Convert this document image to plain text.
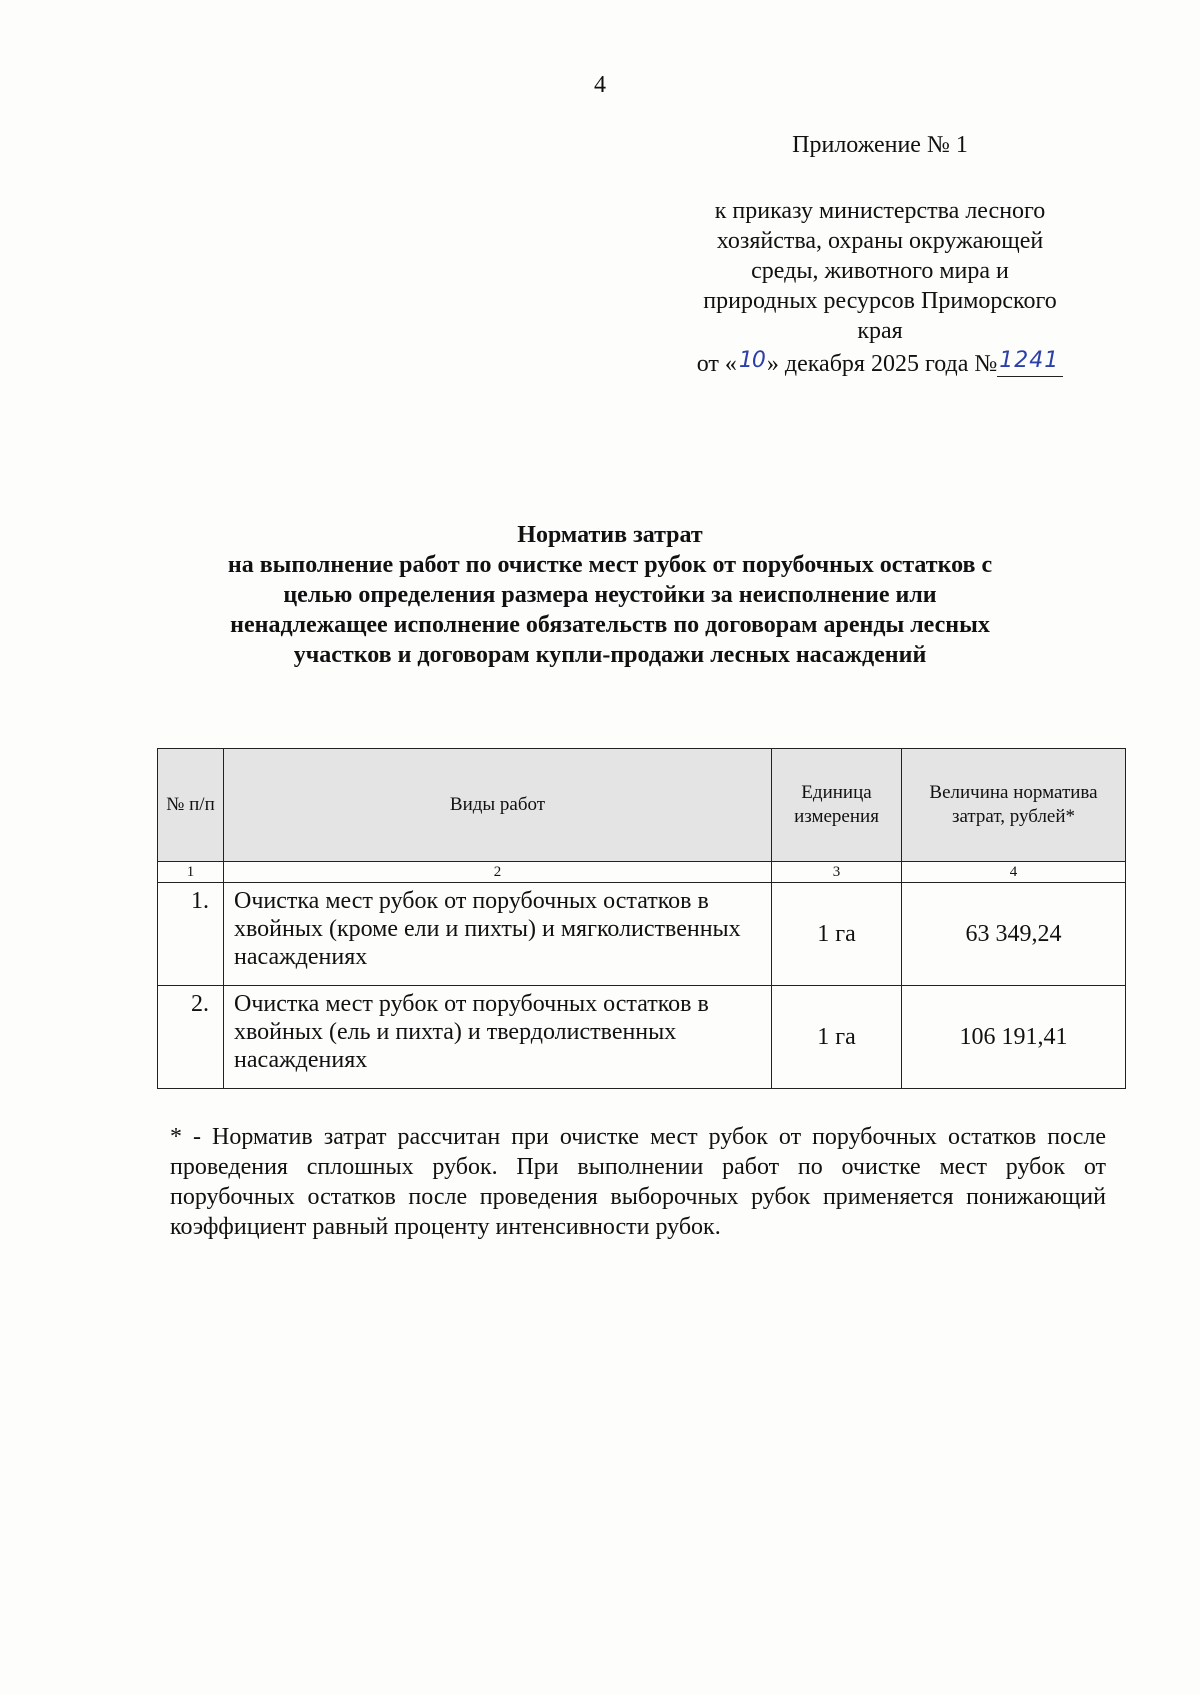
4
Приложение № 1
к приказу министерства лесного
хозяйства, охраны окружающей
среды, животного мира и
природных ресурсов Приморского
края
от «10» декабря 2025 года №1241
Норматив затрат
на выполнение работ по очистке мест рубок от порубочных остатков с
целью определения размера неустойки за неисполнение или
ненадлежащее исполнение обязательств по договорам аренды лесных
участков и договорам купли-продажи лесных насаждений
№ п/п	Виды работ	Единица измерения	Величина норматива затрат, рублей*
1	2	3	4
1.	Очистка мест рубок от порубочных остатков в хвойных (кроме ели и пихты) и мягколиственных насаждениях	1 га	63 349,24
2.	Очистка мест рубок от порубочных остатков в хвойных (ель и пихта) и твердолиственных насаждениях	1 га	106 191,41
* - Норматив затрат рассчитан при очистке мест рубок от порубочных остатков после проведения сплошных рубок. При выполнении работ по очистке мест рубок от порубочных остатков после проведения выборочных рубок применяется понижающий коэффициент равный проценту интенсивности рубок.
